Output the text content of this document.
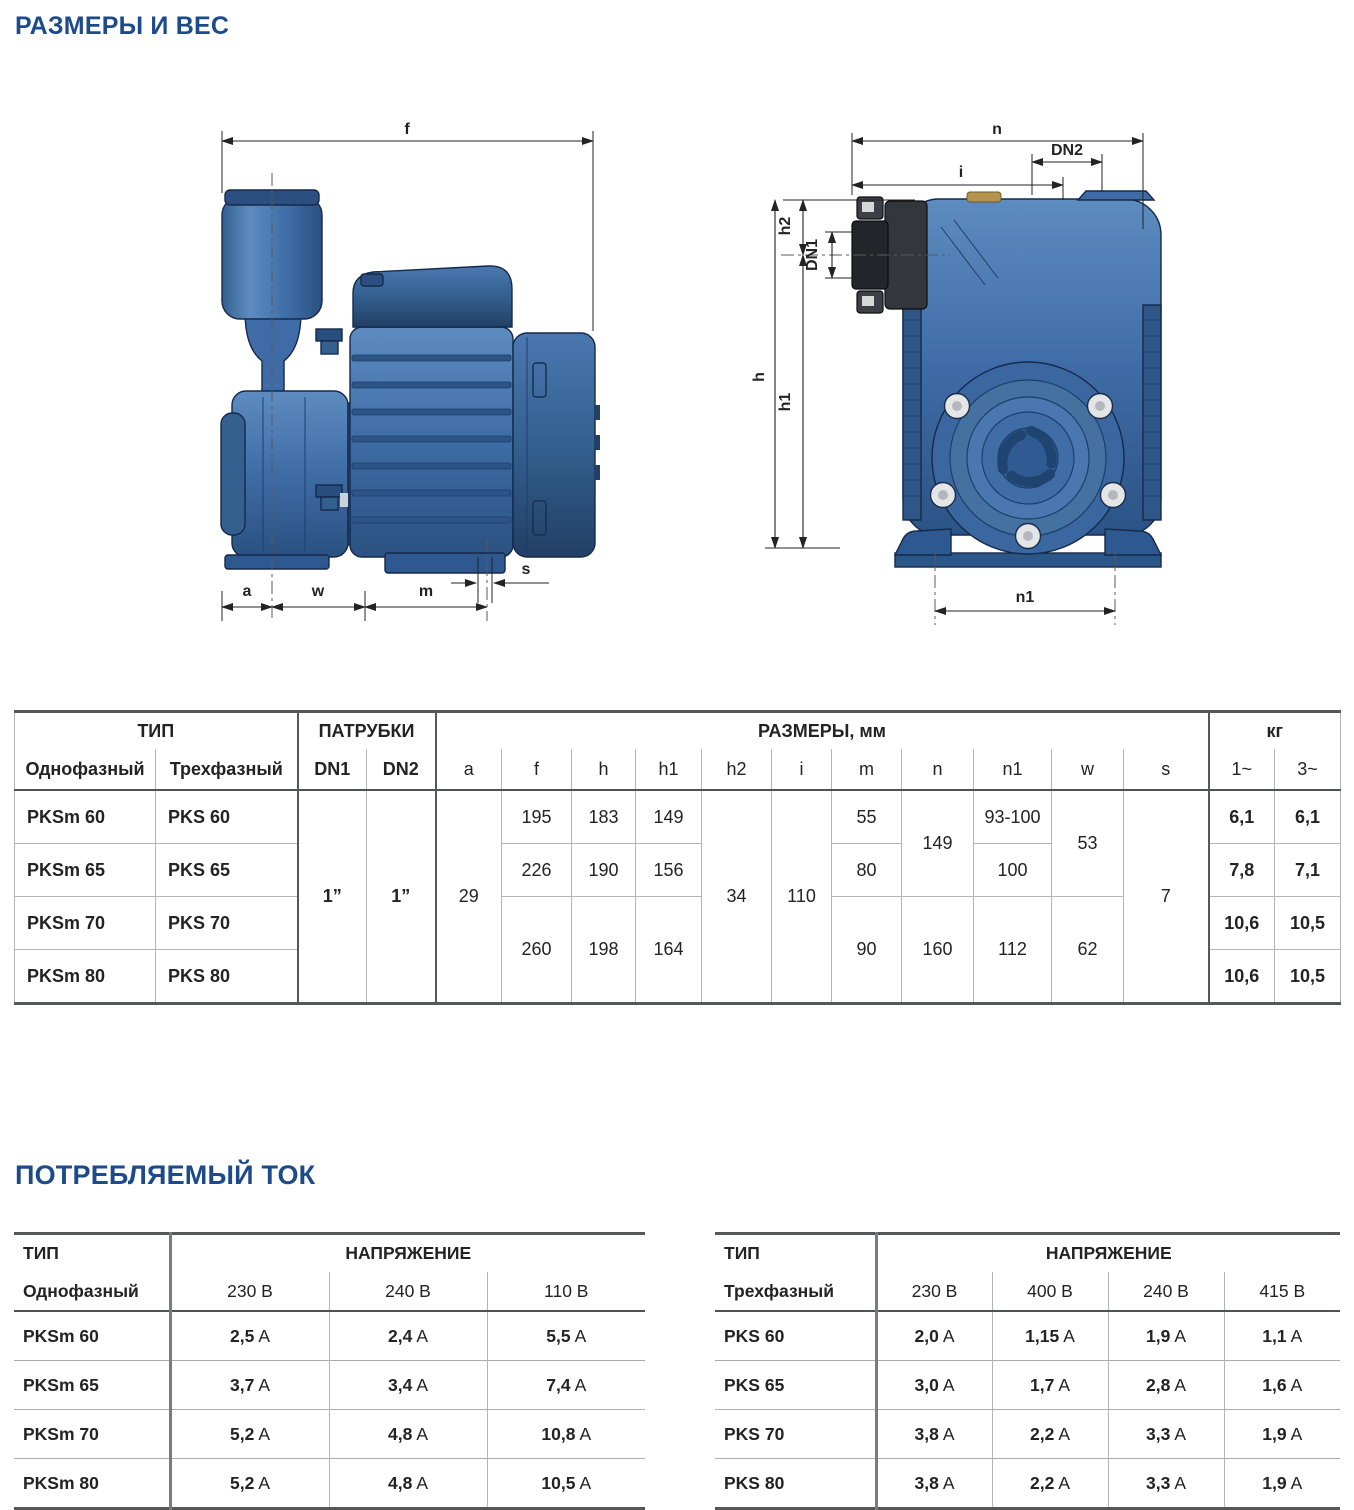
РАЗМЕРЫ И ВЕС
f
a	w	m
s
n
i
DN2
h
h2
h1
DN1
n1
ТИП		ПАТРУБКИ		РАЗМЕРЫ, мм											кг	
Однофазный	Трехфазный	DN1	DN2	a	f	h	h1	h2	i	m	n	n1	w	s	1~	3~
PKSm 60	PKS 60	1”	1”	29	195	183	149	34	110	55	149	93-100	53	7	6,1	6,1
PKSm 65	PKS 65				226	190	156			80		100			7,8	7,1
PKSm 70	PKS 70				260	198	164			90	160	112	62		10,6	10,5
PKSm 80	PKS 80														10,6	10,5
ПОТРЕБЛЯЕМЫЙ ТОК
ТИП	НАПРЯЖЕНИЕ		
Однофазный	230 В	240 В	110 В
PKSm 60	2,5 A	2,4 A	5,5 A
PKSm 65	3,7 A	3,4 A	7,4 A
PKSm 70	5,2 A	4,8 A	10,8 A
PKSm 80	5,2 A	4,8 A	10,5 A
ТИП	НАПРЯЖЕНИЕ			
Трехфазный	230 В	400 В	240 В	415 В
PKS 60	2,0 A	1,15 A	1,9 A	1,1 A
PKS 65	3,0 A	1,7 A	2,8 A	1,6 A
PKS 70	3,8 A	2,2 A	3,3 A	1,9 A
PKS 80	3,8 A	2,2 A	3,3 A	1,9 A
